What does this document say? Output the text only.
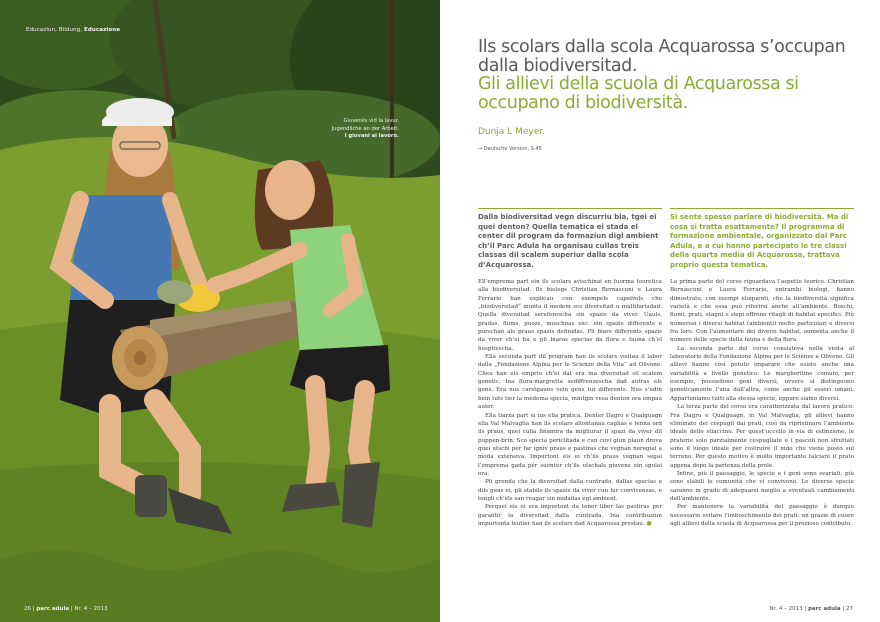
Educaziun, Bildung, Educazione
Giuvenils vid la lavur.
Jugendliche an der Arbeit.
I giovani al lavoro.
26 | parc adula | Nr. 4 – 2013
Ils scolars dalla scola Acquarossa s’occupan dalla biodiversitad.
Gli allievi della scuola di Acquarossa si occupano di biodiversità.
Dunja L Meyer.
→ Deutsche Version, S.45

Dalla biodiversitad vegn discurriu bia, tgei ei quei denton? Quella tematica ei stada el center dil program da formaziun digl ambient ch’il Parc Adula ha organisau cullas treis classas dil scalem superiur dalla scola d’Acquarossa.

Ell’emprema part ein ils scolars avischinai en fuorma teoretica alla biodiversitad. Ils biologs Christian Bernasconi e Laura Ferrario han explicau cun exempels capeivels che „biodiversitad“ munta il medem sco diversitad u multifariadad. Quella diversitad sereferescha sin spazis da viver. Uauls, pradas, flums, puozs, muschnas exc. ein spazis differents e purschan als praus spazis definidas. Pli biars differents spazis da viver ch’ei ha e pli biaras specias da flora e fauna ch’el hospitescha.

Ella secunda part dil program han ils scolars visitau il labor dalla „Fondazione Alpina per le Scienze della Vita“ ad Olivone. Cheu han els empriu ch’ei dat era ina diversitad sil scalem genetic. Ina flura-margretta sediffrenzescha dad autras els gens. Era nus carstgauns vein gens tut differents. Nus s’udin bein tuts tier la medema specia, mintgin vesa denton ora empau auter.

Ella tiarza part ei ius ella pratica. Denter Dagro e Qualguagn ella Val Malvaglia han ils scolars allontanau caglias e lenna ord ils praus, quei culla finamira da migliurar il spazi da viver dil puppen-brin. Sco specia periclitada e cun cuvi giun plaun drova quei utschi per far igniv praus e pastiras che vegnan neregiai a moda extensiva. Impurtont eis ei ch’ils praus vegnan segai l’emprema gada pér suenter ch’ils utschals giuvens ein sgulai ora.

Pli gronda che la diversitad dalla cuntrada, dallas specias e dils gens ei, pli stabils ils spazis da viver cun lur convivenzas, e tonpli ch’els san reagar sin midadas egl ambient.

Perquei eis ei era impurtont da tener liber las pastiras per garantir la diversitad dalla cuntrada. Ina contribuziun impurtonta leutier han ils scolars dad Acquarossa prestau. ●

Si sente spesso parlare di biodiversità. Ma di cosa si tratta esattamente? Il programma di formazione ambientale, organizzato dal Parc Adula, e a cui hanno partecipato le tre classi della quarta media di Acquarossa, trattava proprio questa tematica.

La prima parte del corso riguardava l’aspetto teorico. Christian Bernasconi e Laura Ferrario, entrambi biologi, hanno dimostrato, con esempi eloquenti, che la biodiversità significa varietà e che essa può riferirsi anche all’ambiente. Boschi, fiumi, prati, stagni e siepi offrono ritagli di habitat specifici. Più numerosi i diversi habitat (ambienti) molto particolari e diversi fra loro. Con l’aumentare dei diversi habitat, aumenta anche il numero delle specie della fauna e della flora.

La seconda parte del corso consisteva nella visita al laboratorio della Fondazione Alpina per le Scienze a Olivone. Gli allievi hanno così potuto imparare che esiste anche una variabilità a livello genetico. Le margheritine comuni, per esempio, possiedono geni diversi, ovvero si distinguono geneticamente l’una dall’altra, come anche gli esseri umani. Apparteniamo tutti alla stessa specie, eppure siamo diversi.

La terza parte del corso era caratterizzata dal lavoro pratico. Fra Dagro e Qualguagn, in Val Malvaglia, gli allievi hanno eliminato dei cespugli dai prati, così da ripristinare l’ambiente ideale dello stiaccino. Per quest’uccello in via di estinzione, le praterie solo parzialmente cespugliate e i pascoli non sfruttati sono il luogo ideale per costruire il nido che viene posto sul terreno. Per questo motivo è molto importante falciare il prato appena dopo la partenza della prole.

Infine, più il paesaggio, le specie e i geni sono svariati, più sono stabili le comunità che vi convivono. Le diverse specie saranno in grado di adeguarsi meglio a eventuali cambiamenti dell’ambiente.

Per mantenere la variabilità del paesaggio è dunque necessario evitare l’imboschimento dei prati: un grazie di cuore agli allievi della scuola di Acquarossa per il prezioso contributo.

Nr. 4 – 2013 | parc adula | 27
